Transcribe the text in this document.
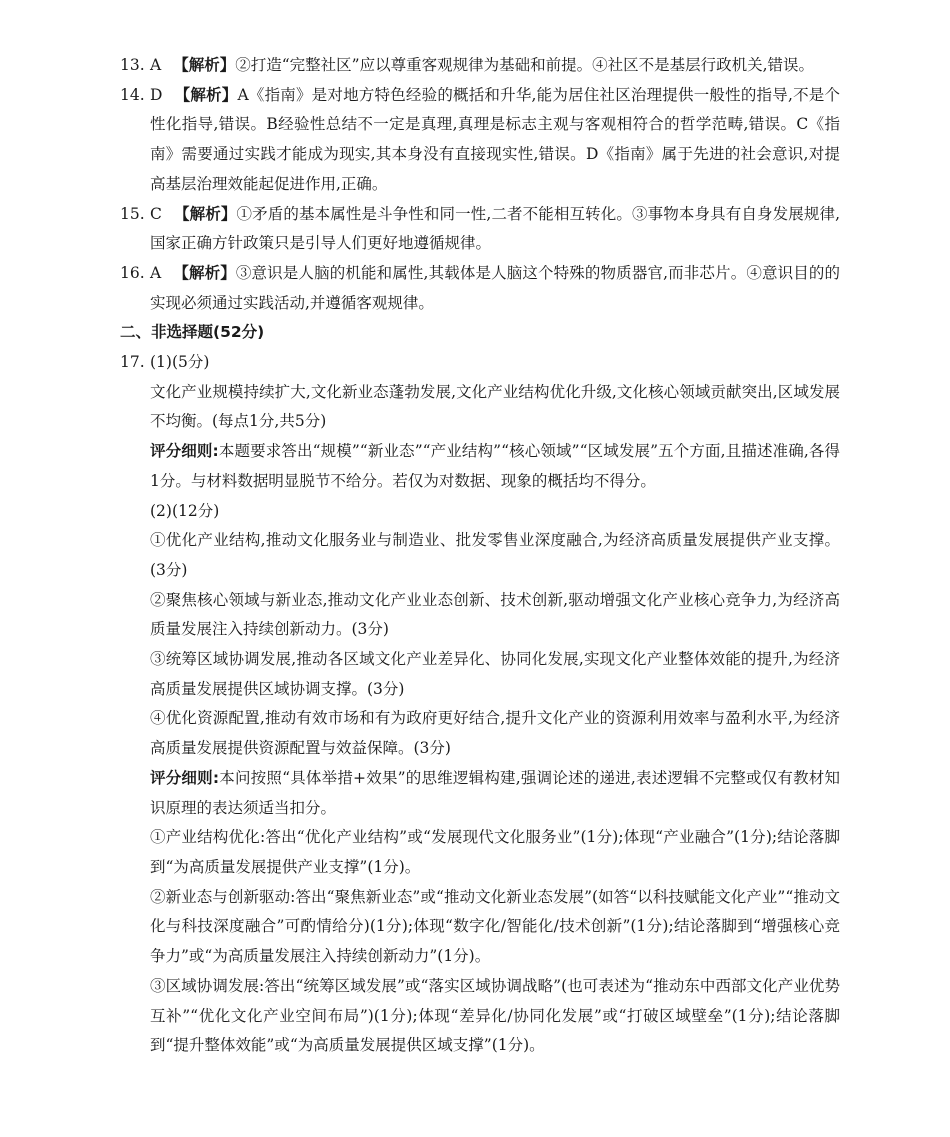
13. A 【解析】②打造“完整社区”应以尊重客观规律为基础和前提。④社区不是基层行政机关,错误。
14. D 【解析】A《指南》是对地方特色经验的概括和升华,能为居住社区治理提供一般性的指导,不是个性化指导,错误。B经验性总结不一定是真理,真理是标志主观与客观相符合的哲学范畴,错误。C《指南》需要通过实践才能成为现实,其本身没有直接现实性,错误。D《指南》属于先进的社会意识,对提高基层治理效能起促进作用,正确。
15. C 【解析】①矛盾的基本属性是斗争性和同一性,二者不能相互转化。③事物本身具有自身发展规律,国家正确方针政策只是引导人们更好地遵循规律。
16. A 【解析】③意识是人脑的机能和属性,其载体是人脑这个特殊的物质器官,而非芯片。④意识目的的实现必须通过实践活动,并遵循客观规律。
二、非选择题(52分)
17. (1)(5分)
文化产业规模持续扩大,文化新业态蓬勃发展,文化产业结构优化升级,文化核心领域贡献突出,区域发展不均衡。(每点1分,共5分)
评分细则:本题要求答出“规模”“新业态”“产业结构”“核心领域”“区域发展”五个方面,且描述准确,各得1分。与材料数据明显脱节不给分。若仅为对数据、现象的概括均不得分。
(2)(12分)
①优化产业结构,推动文化服务业与制造业、批发零售业深度融合,为经济高质量发展提供产业支撑。(3分)
②聚焦核心领域与新业态,推动文化产业业态创新、技术创新,驱动增强文化产业核心竞争力,为经济高质量发展注入持续创新动力。(3分)
③统筹区域协调发展,推动各区域文化产业差异化、协同化发展,实现文化产业整体效能的提升,为经济高质量发展提供区域协调支撑。(3分)
④优化资源配置,推动有效市场和有为政府更好结合,提升文化产业的资源利用效率与盈利水平,为经济高质量发展提供资源配置与效益保障。(3分)
评分细则:本问按照“具体举措+效果”的思维逻辑构建,强调论述的递进,表述逻辑不完整或仅有教材知识原理的表达须适当扣分。
①产业结构优化:答出“优化产业结构”或“发展现代文化服务业”(1分);体现“产业融合”(1分);结论落脚到“为高质量发展提供产业支撑”(1分)。
②新业态与创新驱动:答出“聚焦新业态”或“推动文化新业态发展”(如答“以科技赋能文化产业”“推动文化与科技深度融合”可酌情给分)(1分);体现“数字化/智能化/技术创新”(1分);结论落脚到“增强核心竞争力”或“为高质量发展注入持续创新动力”(1分)。
③区域协调发展:答出“统筹区域发展”或“落实区域协调战略”(也可表述为“推动东中西部文化产业优势互补”“优化文化产业空间布局”)(1分);体现“差异化/协同化发展”或“打破区域壁垒”(1分);结论落脚到“提升整体效能”或“为高质量发展提供区域支撑”(1分)。
